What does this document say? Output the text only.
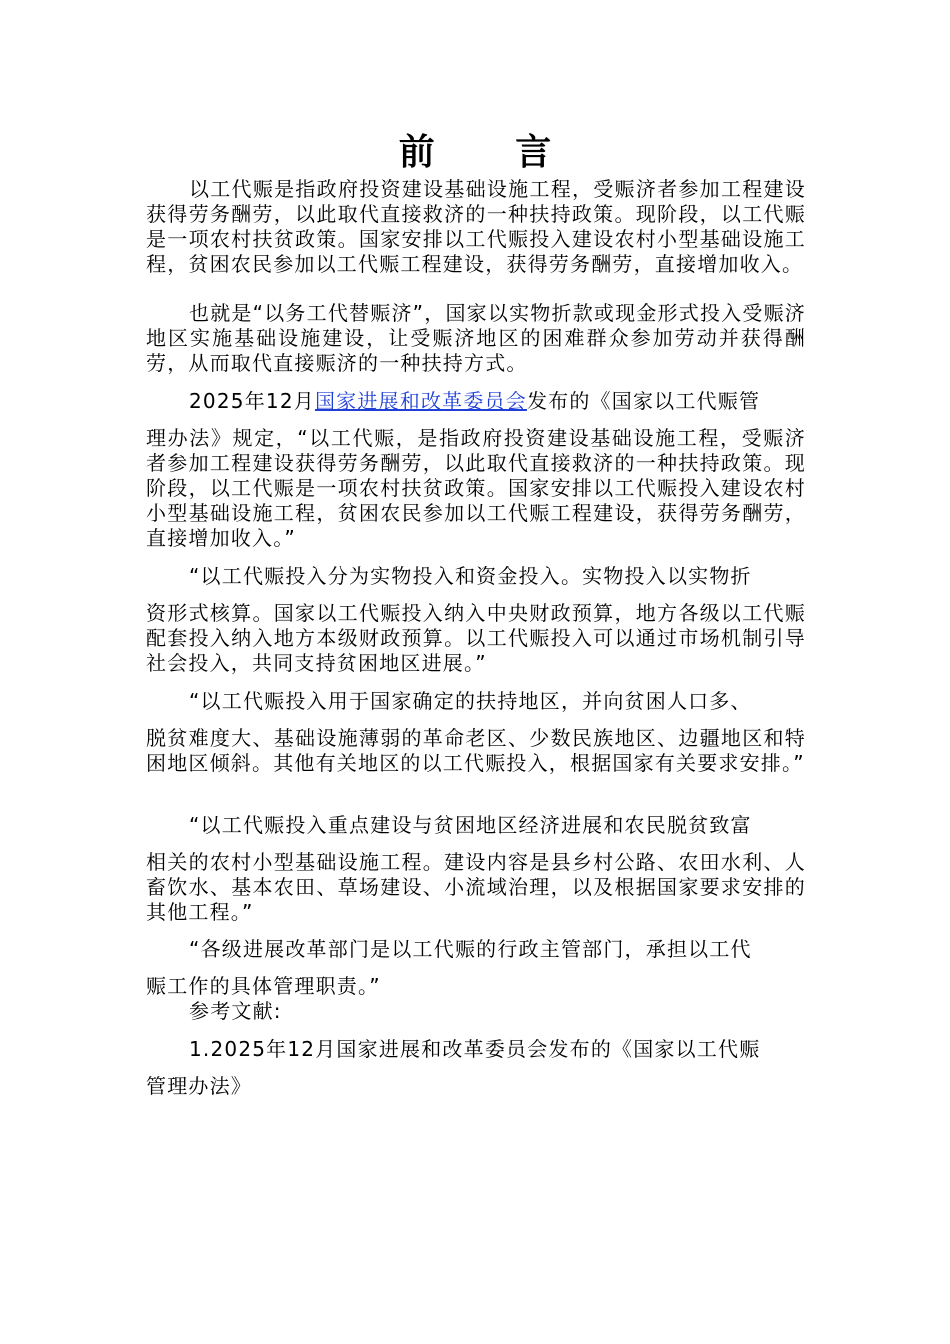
前 言
以工代赈是指政府投资建设基础设施工程，受赈济者参加工程建设获得劳务酬劳，以此取代直接救济的一种扶持政策。现阶段，以工代赈是一项农村扶贫政策。国家安排以工代赈投入建设农村小型基础设施工程，贫困农民参加以工代赈工程建设，获得劳务酬劳，直接增加收入。
也就是“以务工代替赈济”，国家以实物折款或现金形式投入受赈济地区实施基础设施建设，让受赈济地区的困难群众参加劳动并获得酬劳，从而取代直接赈济的一种扶持方式。
2025年12月国家进展和改革委员会发布的《国家以工代赈管
理办法》规定，“以工代赈，是指政府投资建设基础设施工程，受赈济者参加工程建设获得劳务酬劳，以此取代直接救济的一种扶持政策。现阶段，以工代赈是一项农村扶贫政策。国家安排以工代赈投入建设农村小型基础设施工程，贫困农民参加以工代赈工程建设，获得劳务酬劳，直接增加收入。”
“以工代赈投入分为实物投入和资金投入。实物投入以实物折
资形式核算。国家以工代赈投入纳入中央财政预算，地方各级以工代赈配套投入纳入地方本级财政预算。以工代赈投入可以通过市场机制引导社会投入，共同支持贫困地区进展。”
“以工代赈投入用于国家确定的扶持地区，并向贫困人口多、
脱贫难度大、基础设施薄弱的革命老区、少数民族地区、边疆地区和特困地区倾斜。其他有关地区的以工代赈投入，根据国家有关要求安排。”
“以工代赈投入重点建设与贫困地区经济进展和农民脱贫致富
相关的农村小型基础设施工程。建设内容是县乡村公路、农田水利、人畜饮水、基本农田、草场建设、小流域治理，以及根据国家要求安排的其他工程。”
“各级进展改革部门是以工代赈的行政主管部门，承担以工代
赈工作的具体管理职责。”
参考文献:
1.2025年12月国家进展和改革委员会发布的《国家以工代赈
管理办法》
